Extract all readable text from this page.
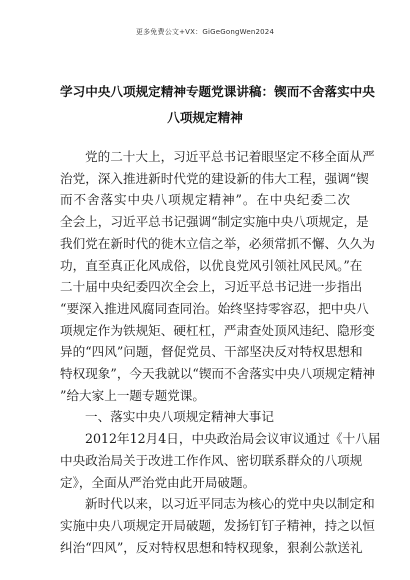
更多免费公文+VX：GiGeGongWen2024
学习中央八项规定精神专题党课讲稿：锲而不舍落实中央
八项规定精神
党的二十大上，习近平总书记着眼坚定不移全面从严
治党，深入推进新时代党的建设新的伟大工程，强调“锲
而不舍落实中央八项规定精神”。在中央纪委二次
全会上，习近平总书记强调“制定实施中央八项规定，是
我们党在新时代的徙木立信之举，必须常抓不懈、久久为
功，直至真正化风成俗，以优良党风引领社风民风。”在
二十届中央纪委四次全会上，习近平总书记进一步指出
“要深入推进风腐同查同治。始终坚持零容忍，把中央八
项规定作为铁规矩、硬杠杠，严肃查处顶风违纪、隐形变
异的“四风”问题，督促党员、干部坚决反对特权思想和
特权现象”，今天我就以“锲而不舍落实中央八项规定精神
”给大家上一题专题党课。
一、落实中央八项规定精神大事记
2012年12月4日，中央政治局会议审议通过《十八届
中央政治局关于改进工作作风、密切联系群众的八项规
定》，全面从严治党由此开局破题。
新时代以来，以习近平同志为核心的党中央以制定和
实施中央八项规定开局破题，发扬钉钉子精神，持之以恒
纠治“四风”，反对特权思想和特权现象，狠刹公款送礼
